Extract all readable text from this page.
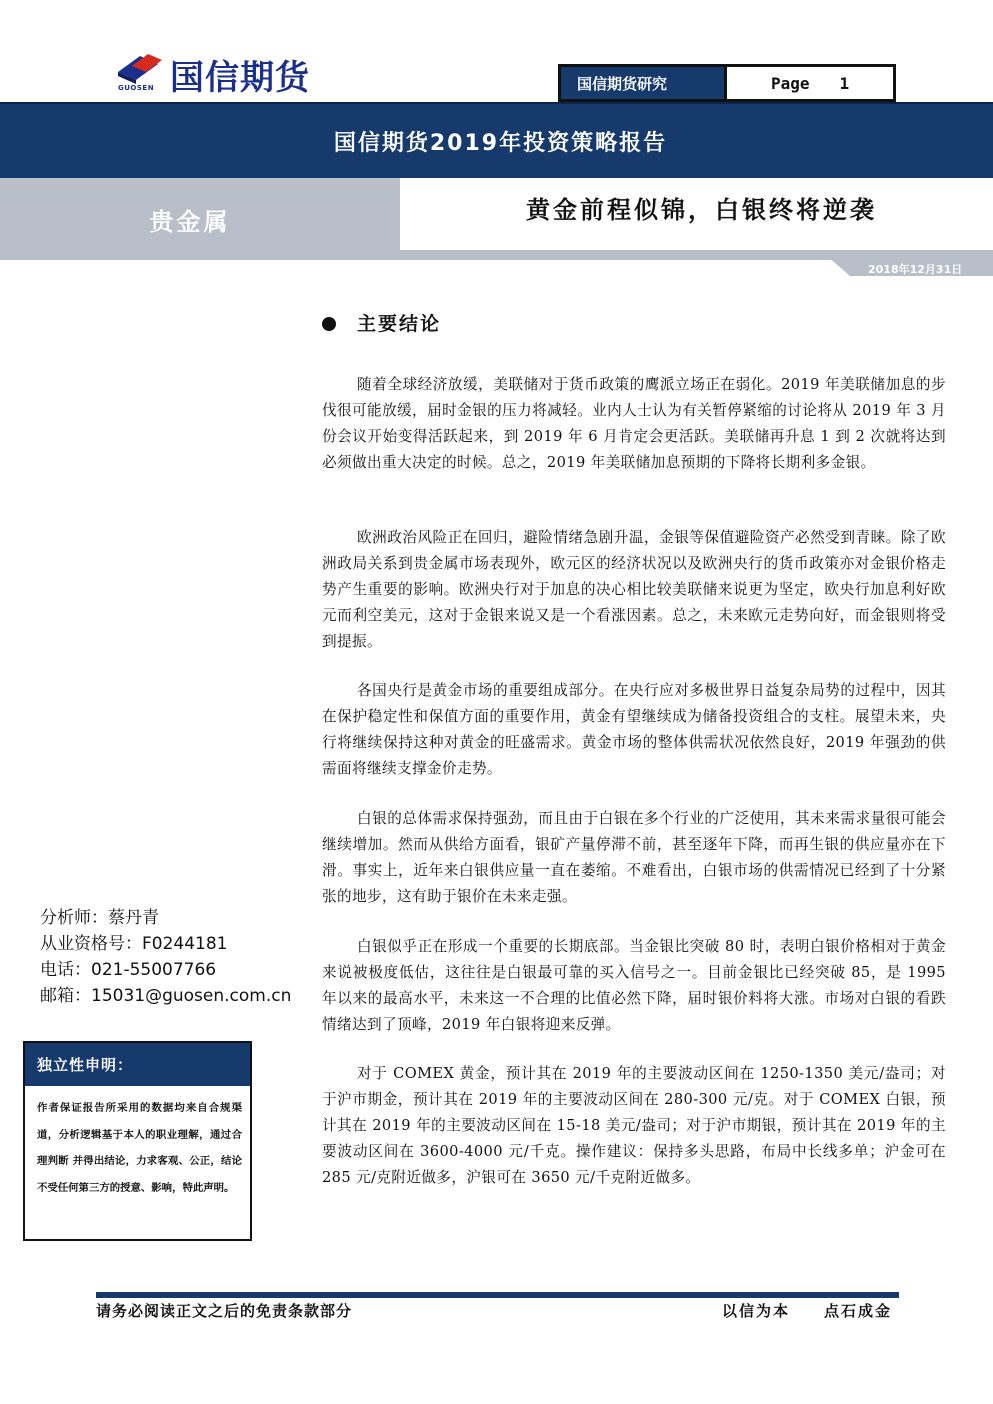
国信期货
GUOSEN	国信期货研究	Page 1
国信期货2019年投资策略报告
贵金属	黄金前程似锦，白银终将逆袭
2018年12月31日
主要结论

随着全球经济放缓，美联储对于货币政策的鹰派立场正在弱化。2019 年美联储加息的步伐很可能放缓，届时金银的压力将减轻。业内人士认为有关暂停紧缩的讨论将从 2019 年 3 月份会议开始变得活跃起来，到 2019 年 6 月肯定会更活跃。美联储再升息 1 到 2 次就将达到必须做出重大决定的时候。总之，2019 年美联储加息预期的下降将长期利多金银。

欧洲政治风险正在回归，避险情绪急剧升温，金银等保值避险资产必然受到青睐。除了欧洲政局关系到贵金属市场表现外，欧元区的经济状况以及欧洲央行的货币政策亦对金银价格走势产生重要的影响。欧洲央行对于加息的决心相比较美联储来说更为坚定，欧央行加息利好欧元而利空美元，这对于金银来说又是一个看涨因素。总之，未来欧元走势向好，而金银则将受到提振。

各国央行是黄金市场的重要组成部分。在央行应对多极世界日益复杂局势的过程中，因其在保护稳定性和保值方面的重要作用，黄金有望继续成为储备投资组合的支柱。展望未来，央行将继续保持这种对黄金的旺盛需求。黄金市场的整体供需状况依然良好，2019 年强劲的供需面将继续支撑金价走势。

白银的总体需求保持强劲，而且由于白银在多个行业的广泛使用，其未来需求量很可能会继续增加。然而从供给方面看，银矿产量停滞不前，甚至逐年下降，而再生银的供应量亦在下滑。事实上，近年来白银供应量一直在萎缩。不难看出，白银市场的供需情况已经到了十分紧张的地步，这有助于银价在未来走强。

白银似乎正在形成一个重要的长期底部。当金银比突破 80 时，表明白银价格相对于黄金来说被极度低估，这往往是白银最可靠的买入信号之一。目前金银比已经突破 85，是 1995 年以来的最高水平，未来这一不合理的比值必然下降，届时银价料将大涨。市场对白银的看跌情绪达到了顶峰，2019 年白银将迎来反弹。

对于 COMEX 黄金，预计其在 2019 年的主要波动区间在 1250-1350 美元/盎司；对于沪市期金，预计其在 2019 年的主要波动区间在 280-300 元/克。对于 COMEX 白银，预计其在 2019 年的主要波动区间在 15-18 美元/盎司；对于沪市期银，预计其在 2019 年的主要波动区间在 3600-4000 元/千克。操作建议：保持多头思路，布局中长线多单；沪金可在 285 元/克附近做多，沪银可在 3650 元/千克附近做多。

分析师：蔡丹青
从业资格号：F0244181
电话：021-55007766
邮箱：15031@guosen.com.cn
独立性申明：
作者保证报告所采用的数据均来自合规渠道，分析逻辑基于本人的职业理解，通过合理判断 并得出结论，力求客观、公正，结论不受任何第三方的授意、影响，特此声明。
请务必阅读正文之后的免责条款部分	以信为本 点石成金
